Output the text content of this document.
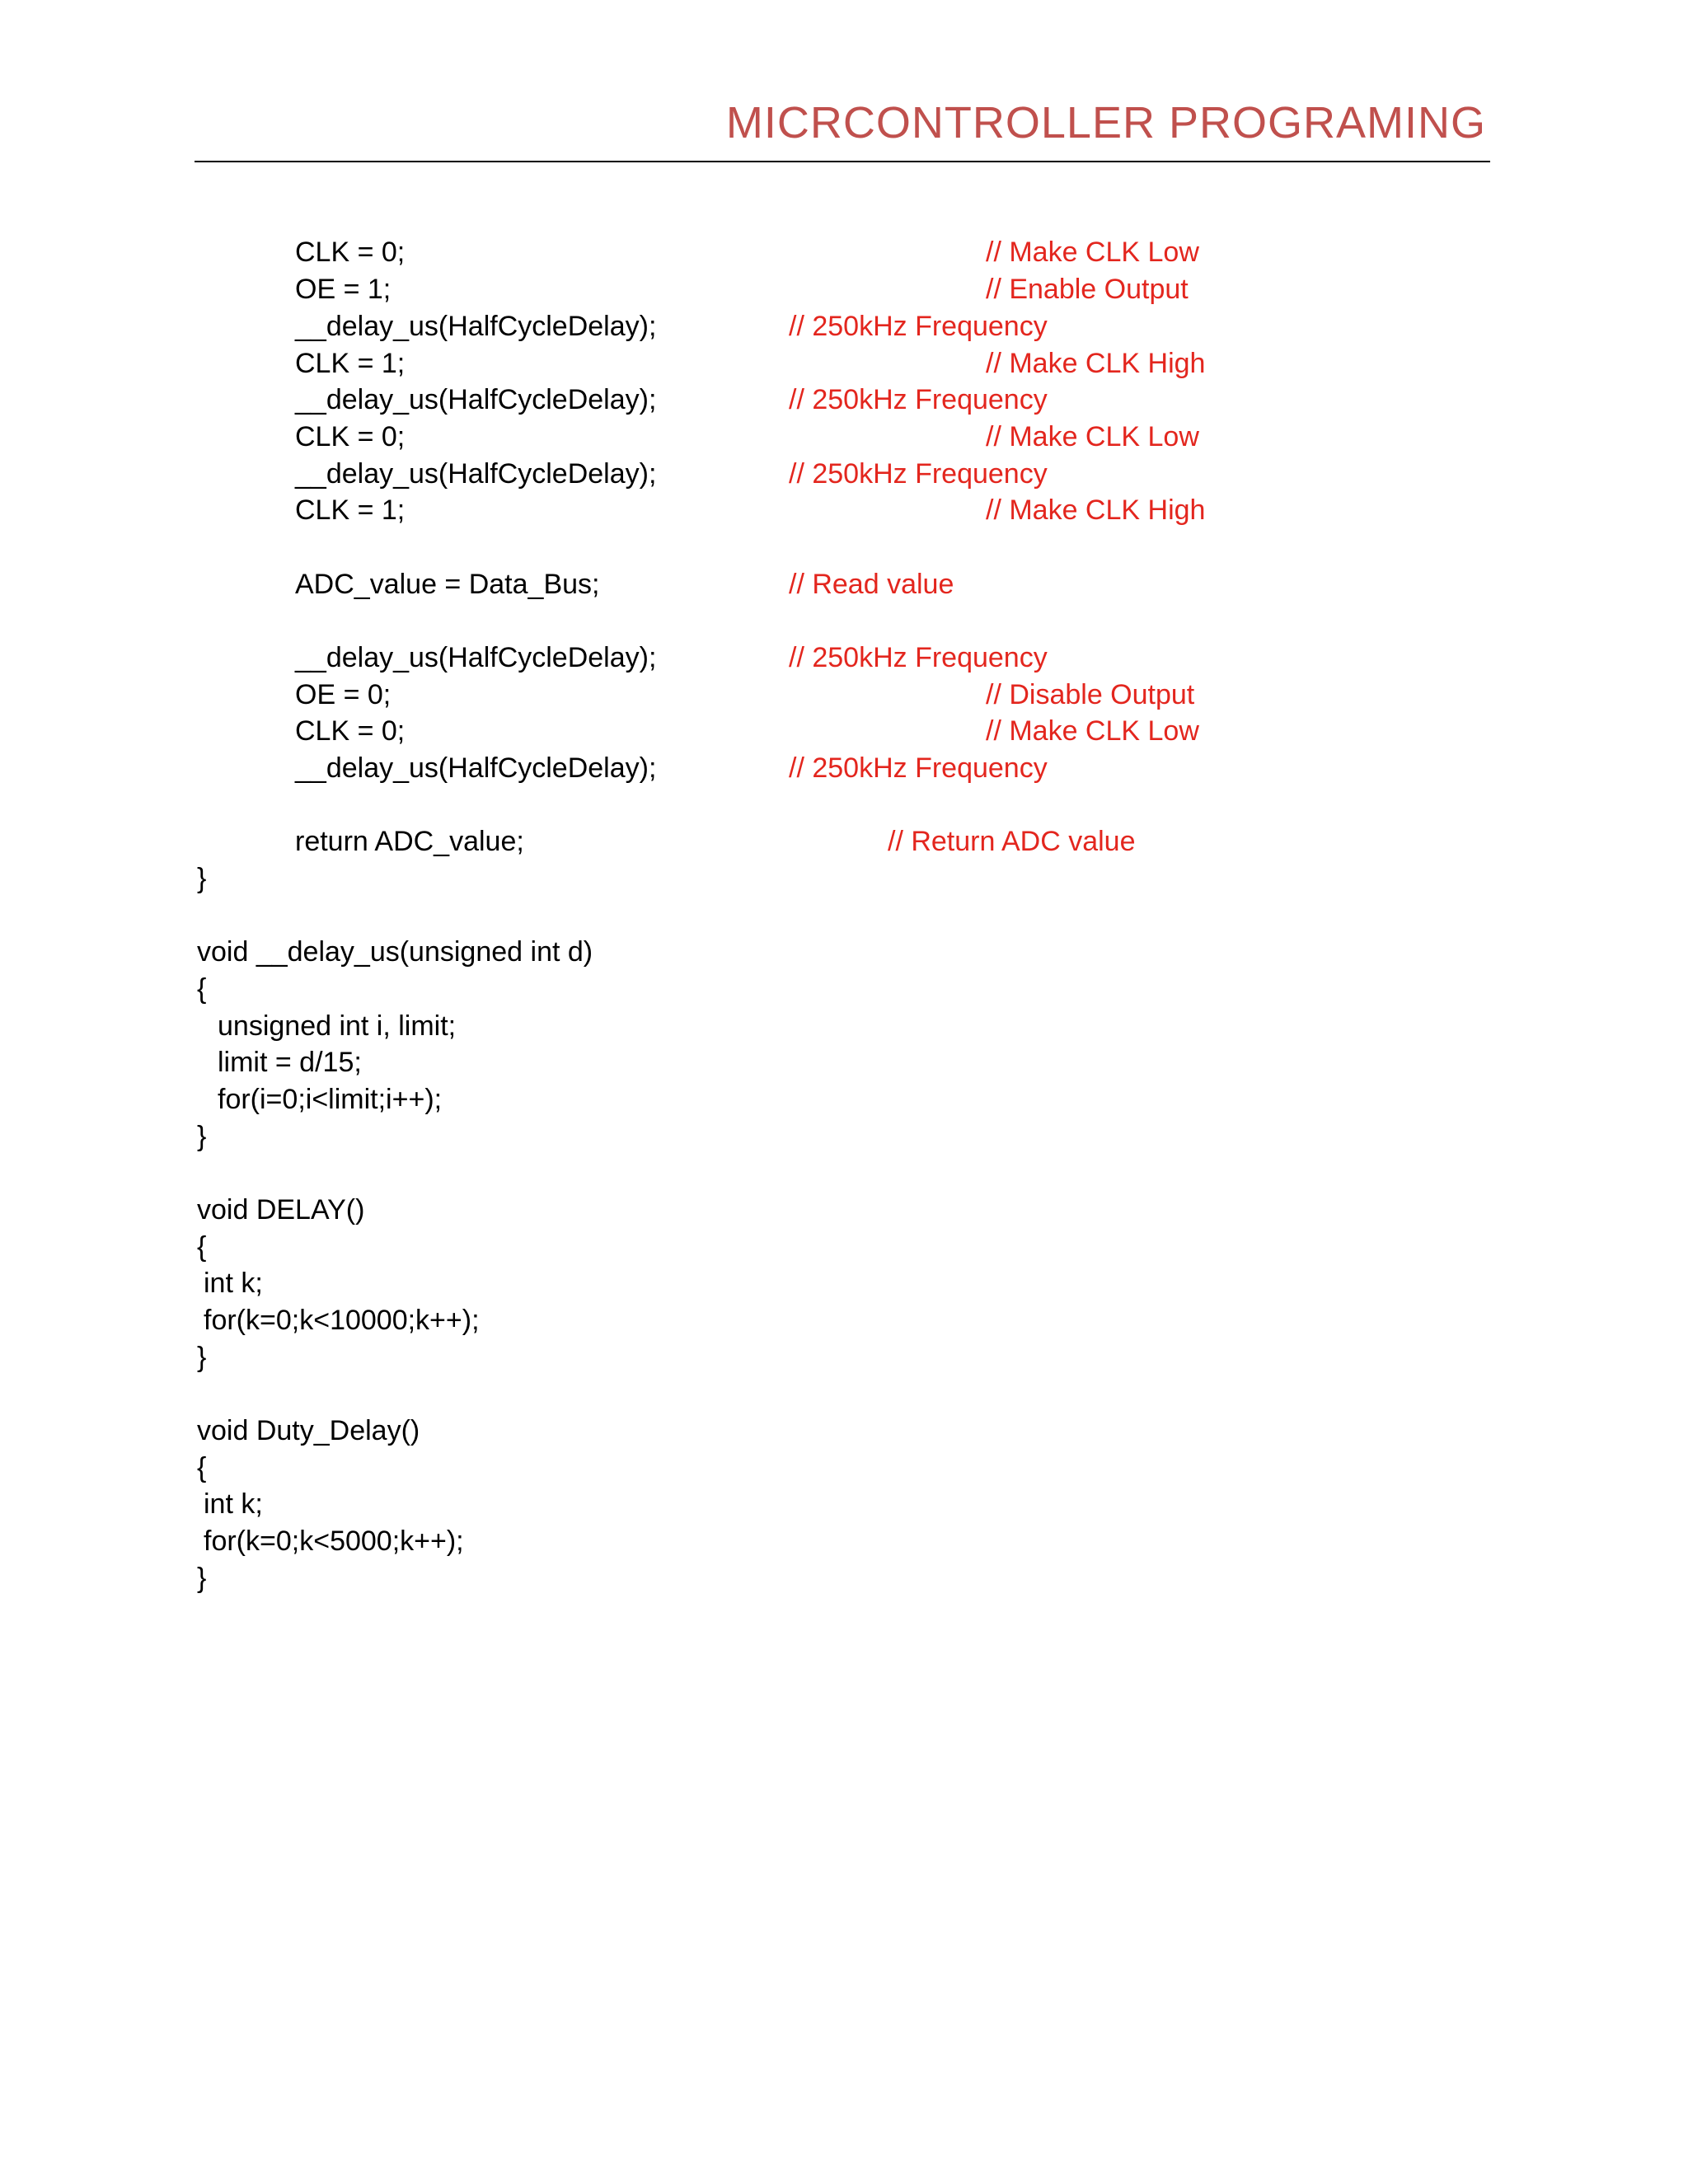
MICRCONTROLLER PROGRAMING
CLK = 0;	// Make CLK Low
OE = 1;	// Enable Output
__delay_us(HalfCycleDelay);	// 250kHz Frequency
CLK = 1;	// Make CLK High
__delay_us(HalfCycleDelay);	// 250kHz Frequency
CLK = 0;	// Make CLK Low
__delay_us(HalfCycleDelay);	// 250kHz Frequency
CLK = 1;	// Make CLK High
ADC_value = Data_Bus;	// Read value
__delay_us(HalfCycleDelay);	// 250kHz Frequency
OE = 0;	// Disable Output
CLK = 0;	// Make CLK Low
__delay_us(HalfCycleDelay);	// 250kHz Frequency
return ADC_value;	// Return ADC value
}
void __delay_us(unsigned int d)
{
unsigned int i, limit;
limit = d/15;
for(i=0;i<limit;i++);
}
void DELAY()
{
int k;
for(k=0;k<10000;k++);
}
void Duty_Delay()
{
int k;
for(k=0;k<5000;k++);
}
